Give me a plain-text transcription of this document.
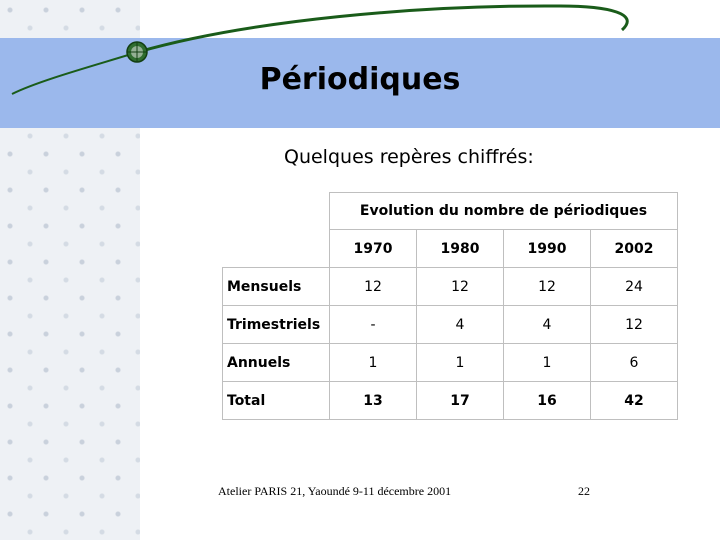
Périodiques
Quelques repères chiffrés:
	Evolution du nombre de périodiques			
	1970	1980	1990	2002
Mensuels	12	12	12	24
Trimestriels	-	4	4	12
Annuels	1	1	1	6
Total	13	17	16	42
Atelier PARIS 21, Yaoundé 9-11 décembre 2001	22
